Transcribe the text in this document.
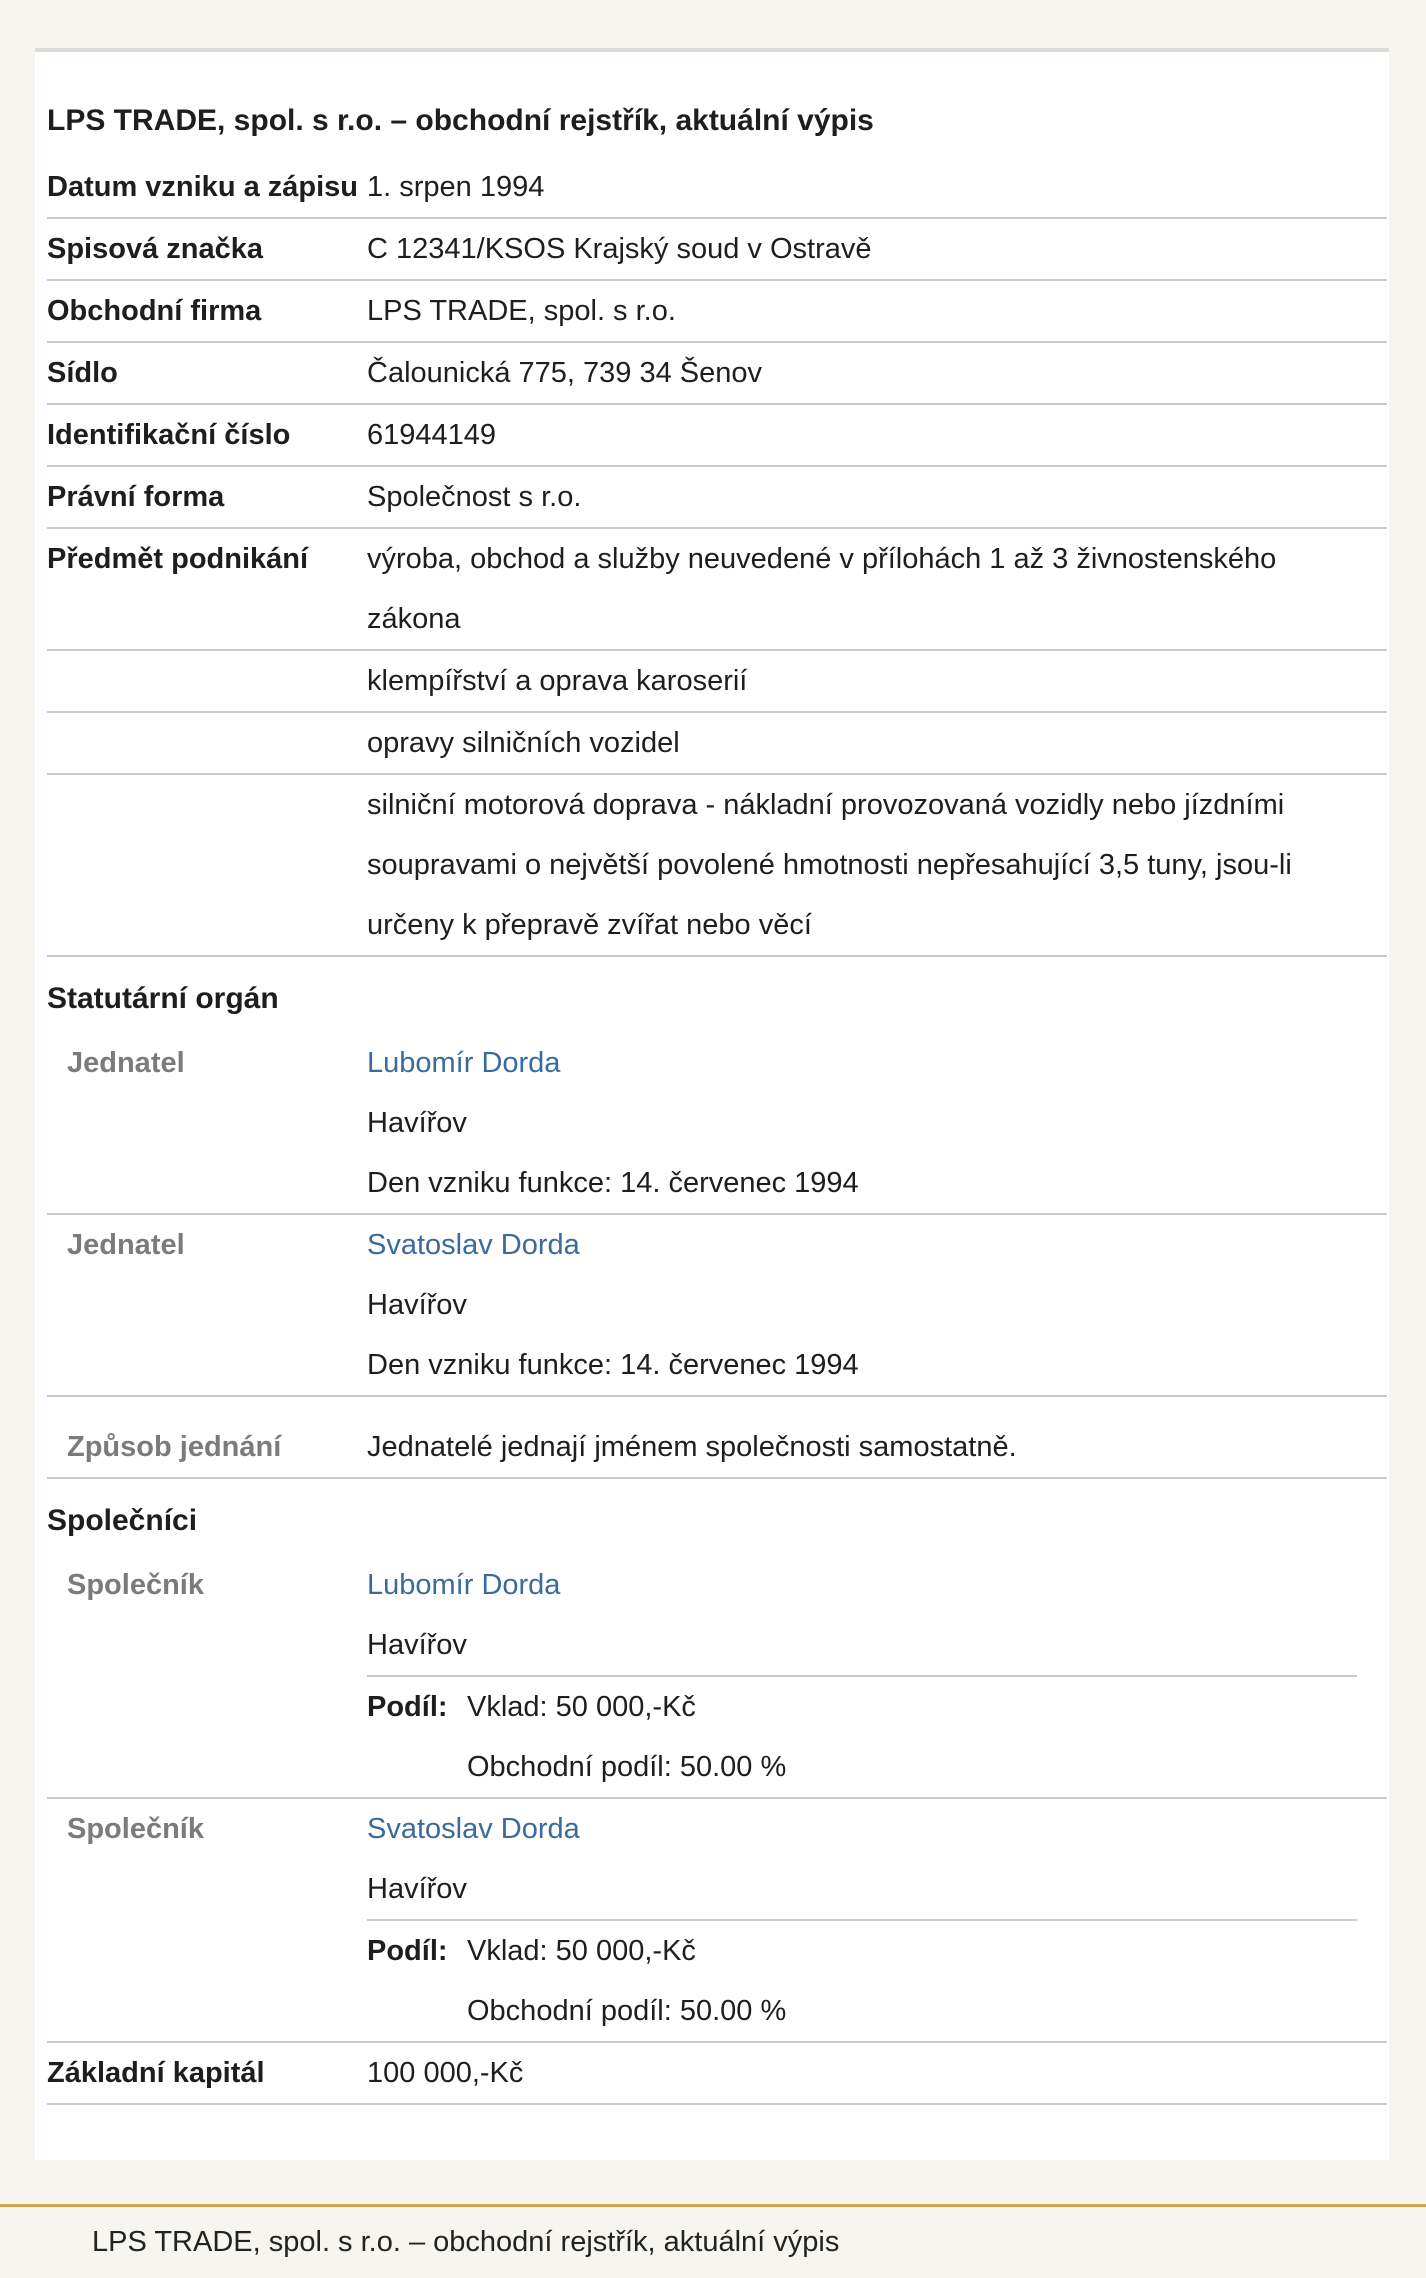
LPS TRADE, spol. s r.o. – obchodní rejstřík, aktuální výpis
Datum vzniku a zápisu 1. srpen 1994
Spisová značka	C 12341/KSOS Krajský soud v Ostravě
Obchodní firma	LPS TRADE, spol. s r.o.
Sídlo	Čalounická 775, 739 34 Šenov
Identifikační číslo	61944149
Právní forma	Společnost s r.o.
Předmět podnikání	výroba, obchod a služby neuvedené v přílohách 1 až 3 živnostenského zákona
klempířství a oprava karoserií
opravy silničních vozidel
silniční motorová doprava - nákladní provozovaná vozidly nebo jízdními soupravami o největší povolené hmotnosti nepřesahující 3,5 tuny, jsou-li určeny k přepravě zvířat nebo věcí
Statutární orgán
Jednatel	Lubomír Dorda
Havířov
Den vzniku funkce: 14. červenec 1994
Jednatel	Svatoslav Dorda
Havířov
Den vzniku funkce: 14. červenec 1994
Způsob jednání	Jednatelé jednají jménem společnosti samostatně.
Společníci
Společník	Lubomír Dorda
Havířov
Podíl: Vklad: 50 000,-Kč
Obchodní podíl: 50.00 %
Společník	Svatoslav Dorda
Havířov
Podíl: Vklad: 50 000,-Kč
Obchodní podíl: 50.00 %
Základní kapitál	100 000,-Kč
LPS TRADE, spol. s r.o. – obchodní rejstřík, aktuální výpis
